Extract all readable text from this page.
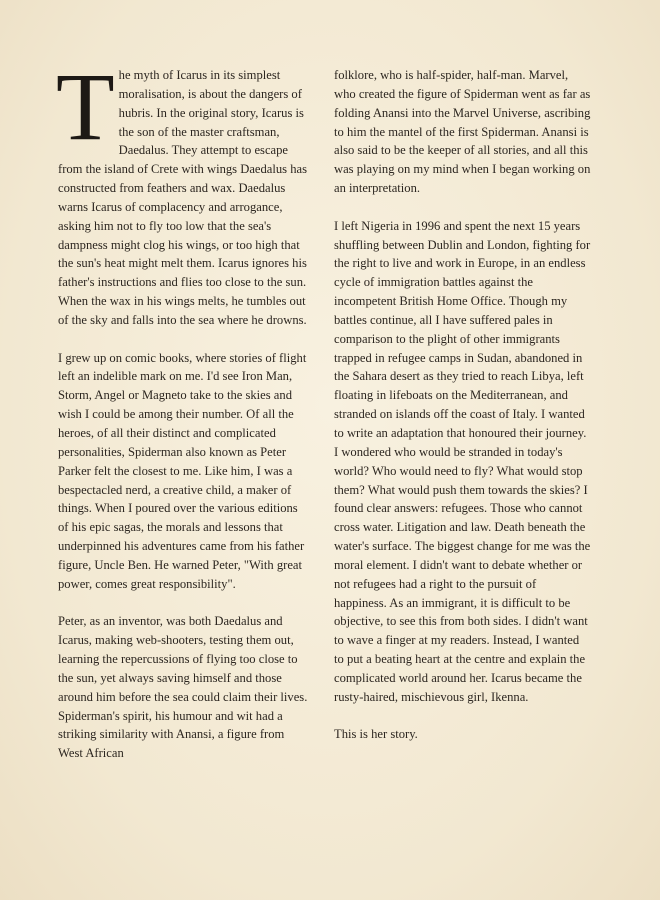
The myth of Icarus in its simplest moralisation, is about the dangers of hubris. In the original story, Icarus is the son of the master craftsman, Daedalus. They attempt to escape from the island of Crete with wings Daedalus has constructed from feathers and wax. Daedalus warns Icarus of complacency and arrogance, asking him not to fly too low that the sea's dampness might clog his wings, or too high that the sun's heat might melt them. Icarus ignores his father's instructions and flies too close to the sun. When the wax in his wings melts, he tumbles out of the sky and falls into the sea where he drowns.

I grew up on comic books, where stories of flight left an indelible mark on me. I'd see Iron Man, Storm, Angel or Magneto take to the skies and wish I could be among their number. Of all the heroes, of all their distinct and complicated personalities, Spiderman also known as Peter Parker felt the closest to me. Like him, I was a bespectacled nerd, a creative child, a maker of things. When I poured over the various editions of his epic sagas, the morals and lessons that underpinned his adventures came from his father figure, Uncle Ben. He warned Peter, "With great power, comes great responsibility".

Peter, as an inventor, was both Daedalus and Icarus, making web-shooters, testing them out, learning the repercussions of flying too close to the sun, yet always saving himself and those around him before the sea could claim their lives. Spiderman's spirit, his humour and wit had a striking similarity with Anansi, a figure from West African

folklore, who is half-spider, half-man. Marvel, who created the figure of Spiderman went as far as folding Anansi into the Marvel Universe, ascribing to him the mantel of the first Spiderman. Anansi is also said to be the keeper of all stories, and all this was playing on my mind when I began working on an interpretation.

I left Nigeria in 1996 and spent the next 15 years shuffling between Dublin and London, fighting for the right to live and work in Europe, in an endless cycle of immigration battles against the incompetent British Home Office. Though my battles continue, all I have suffered pales in comparison to the plight of other immigrants trapped in refugee camps in Sudan, abandoned in the Sahara desert as they tried to reach Libya, left floating in lifeboats on the Mediterranean, and stranded on islands off the coast of Italy. I wanted to write an adaptation that honoured their journey. I wondered who would be stranded in today's world? Who would need to fly? What would stop them? What would push them towards the skies? I found clear answers: refugees. Those who cannot cross water. Litigation and law. Death beneath the water's surface. The biggest change for me was the moral element. I didn't want to debate whether or not refugees had a right to the pursuit of happiness. As an immigrant, it is difficult to be objective, to see this from both sides. I didn't want to wave a finger at my readers. Instead, I wanted to put a beating heart at the centre and explain the complicated world around her. Icarus became the rusty-haired, mischievous girl, Ikenna.

This is her story.
